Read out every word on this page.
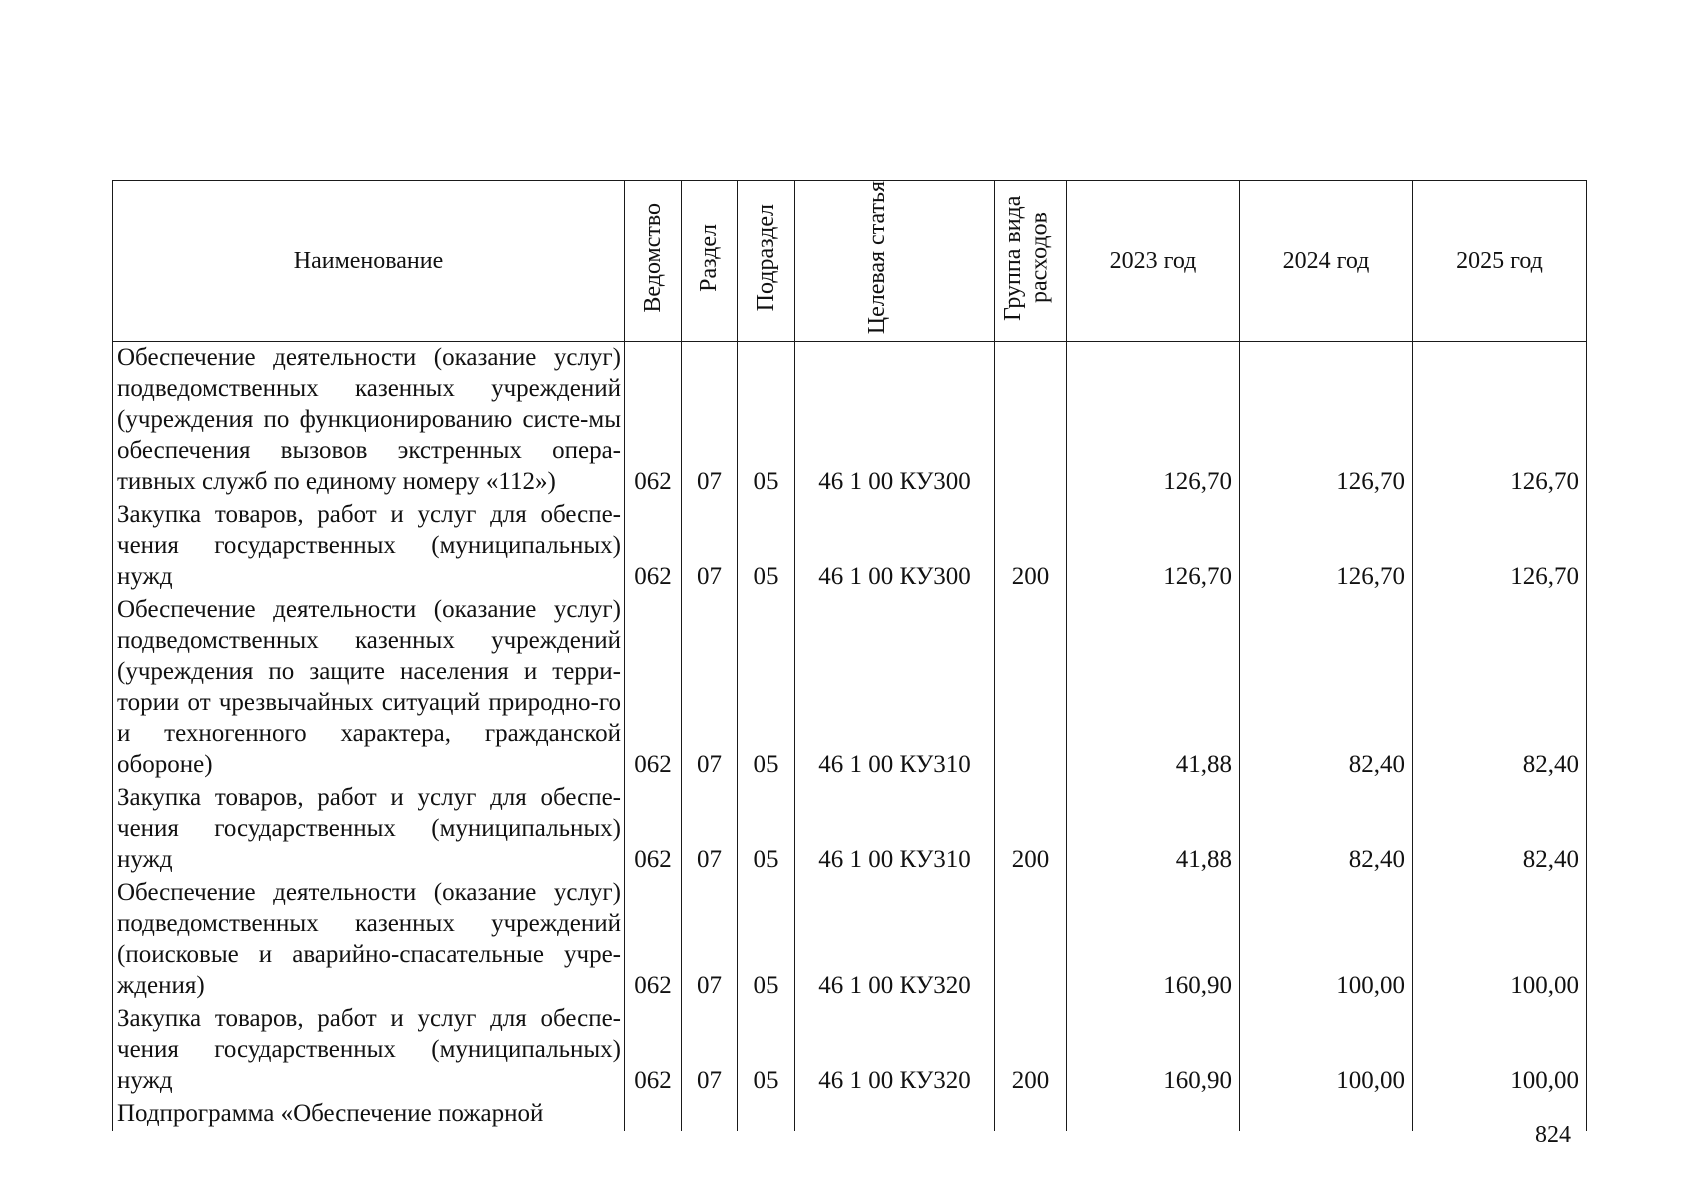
Наименование	Ведомство	Раздел	Подраздел	Целевая статья	Группа вида расходов	2023 год	2024 год	2025 год
Обеспечение деятельности (оказание услуг) подведомственных казенных учреждений (учреждения по функционированию систе-мы обеспечения вызовов экстренных опера-тивных служб по единому номеру «112»)	062	07	05	46 1 00 КУ300		126,70	126,70	126,70
Закупка товаров, работ и услуг для обеспе-чения государственных (муниципальных) нужд	062	07	05	46 1 00 КУ300	200	126,70	126,70	126,70
Обеспечение деятельности (оказание услуг) подведомственных казенных учреждений (учреждения по защите населения и терри-тории от чрезвычайных ситуаций природно-го и техногенного характера, гражданской обороне)	062	07	05	46 1 00 КУ310		41,88	82,40	82,40
Закупка товаров, работ и услуг для обеспе-чения государственных (муниципальных) нужд	062	07	05	46 1 00 КУ310	200	41,88	82,40	82,40
Обеспечение деятельности (оказание услуг) подведомственных казенных учреждений (поисковые и аварийно-спасательные учре-ждения)	062	07	05	46 1 00 КУ320		160,90	100,00	100,00
Закупка товаров, работ и услуг для обеспе-чения государственных (муниципальных) нужд	062	07	05	46 1 00 КУ320	200	160,90	100,00	100,00
Подпрограмма «Обеспечение пожарной								
824
